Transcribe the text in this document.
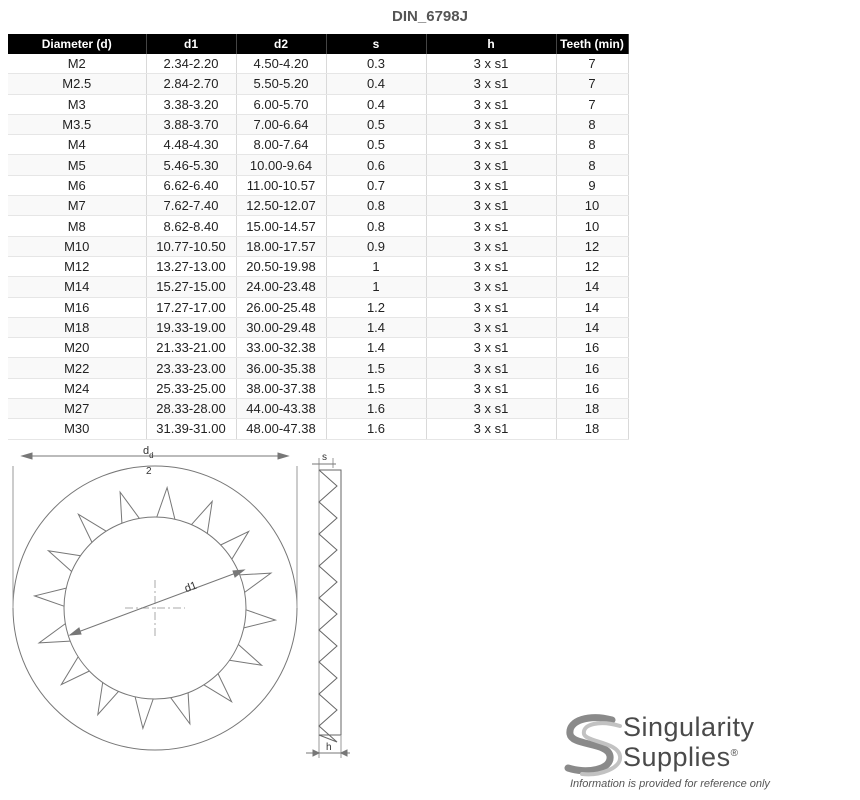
DIN_6798J
Diameter (d)	d1	d2	s	h	Teeth (min)
M2	2.34-2.20	4.50-4.20	0.3	3 x s1	7
M2.5	2.84-2.70	5.50-5.20	0.4	3 x s1	7
M3	3.38-3.20	6.00-5.70	0.4	3 x s1	7
M3.5	3.88-3.70	7.00-6.64	0.5	3 x s1	8
M4	4.48-4.30	8.00-7.64	0.5	3 x s1	8
M5	5.46-5.30	10.00-9.64	0.6	3 x s1	8
M6	6.62-6.40	11.00-10.57	0.7	3 x s1	9
M7	7.62-7.40	12.50-12.07	0.8	3 x s1	10
M8	8.62-8.40	15.00-14.57	0.8	3 x s1	10
M10	10.77-10.50	18.00-17.57	0.9	3 x s1	12
M12	13.27-13.00	20.50-19.98	1	3 x s1	12
M14	15.27-15.00	24.00-23.48	1	3 x s1	14
M16	17.27-17.00	26.00-25.48	1.2	3 x s1	14
M18	19.33-19.00	30.00-29.48	1.4	3 x s1	14
M20	21.33-21.00	33.00-32.38	1.4	3 x s1	16
M22	23.33-23.00	36.00-35.38	1.5	3 x s1	16
M24	25.33-25.00	38.00-37.38	1.5	3 x s1	16
M27	28.33-28.00	44.00-43.38	1.6	3 x s1	18
M30	31.39-31.00	48.00-47.38	1.6	3 x s1	18
$d_d$
2
d1
s
h
Singularity
Supplies®
Information is provided for reference only
